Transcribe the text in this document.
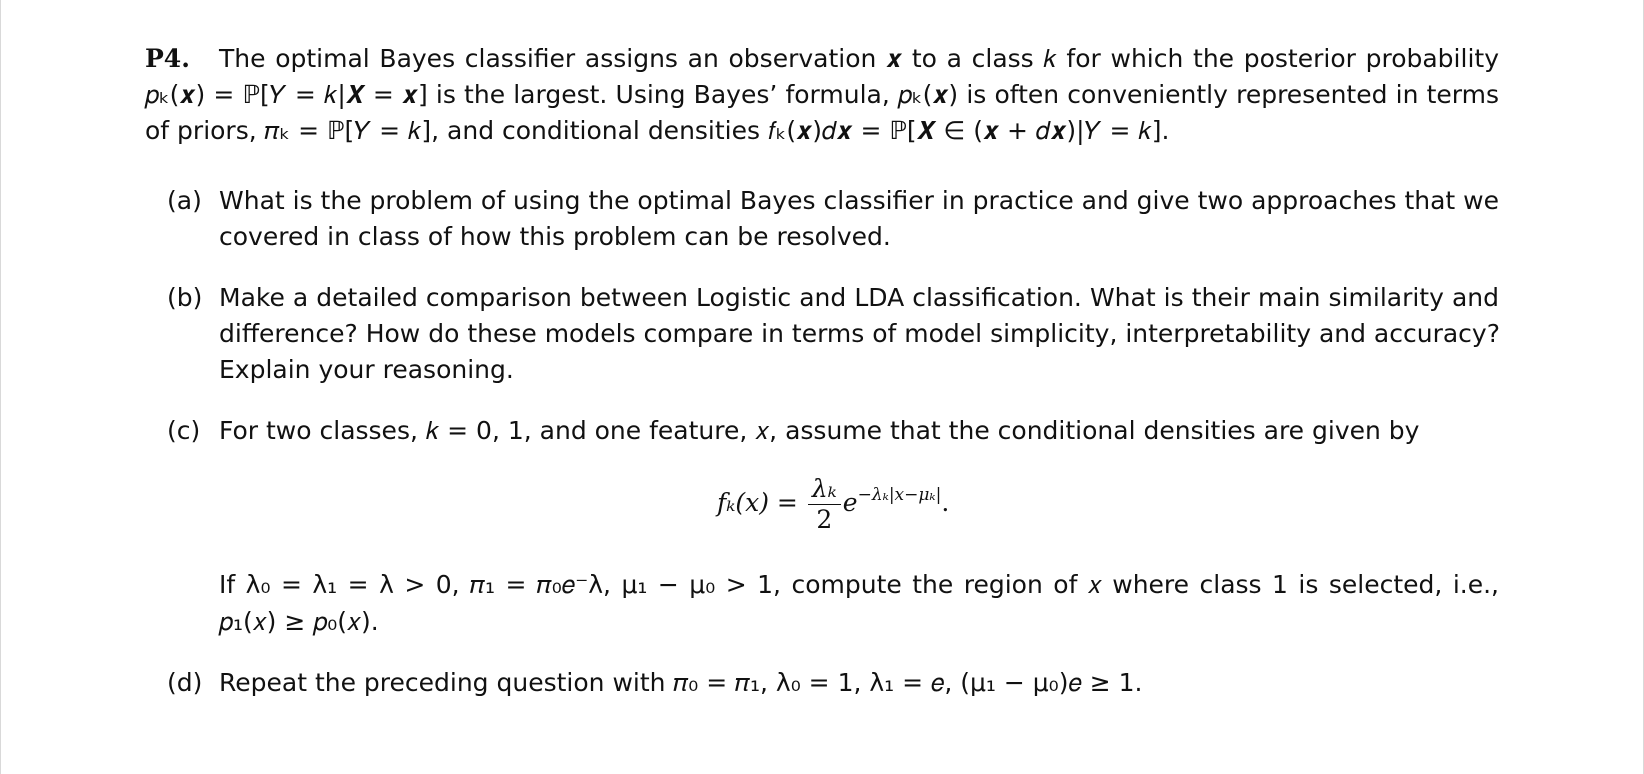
P4. The optimal Bayes classifier assigns an observation 𝒙 to a class 𝑘 for which the posterior probability
𝑝ₖ(𝒙) = ℙ[𝑌 = 𝑘|𝑿 = 𝒙] is the largest. Using Bayes’ formula, 𝑝ₖ(𝒙) is often conveniently represented in terms
of priors, 𝜋ₖ = ℙ[𝑌 = 𝑘], and conditional densities 𝑓ₖ(𝒙)𝑑𝒙 = ℙ[𝑿 ∈ (𝒙 + 𝑑𝒙)|𝑌 = 𝑘].
(a) What is the problem of using the optimal Bayes classifier in practice and give two approaches that we
covered in class of how this problem can be resolved.
(b) Make a detailed comparison between Logistic and LDA classification. What is their main similarity and
difference? How do these models compare in terms of model simplicity, interpretability and accuracy?
Explain your reasoning.
(c) For two classes, 𝑘 = 0, 1, and one feature, 𝑥, assume that the conditional densities are given by
𝑓ₖ(𝑥) = $\frac{\text{λₖ}}{2}$ 𝑒$^{-\lambda_k|𝑥-\mu_k|}$.
If λ₀ = λ₁ = λ > 0, 𝜋₁ = 𝜋₀𝑒⁻λ, μ₁ − μ₀ > 1, compute the region of 𝑥 where class 1 is selected, i.e.,
𝑝₁(𝑥) ≥ 𝑝₀(𝑥).
(d) Repeat the preceding question with 𝜋₀ = 𝜋₁, λ₀ = 1, λ₁ = 𝑒, (μ₁ − μ₀)𝑒 ≥ 1.
